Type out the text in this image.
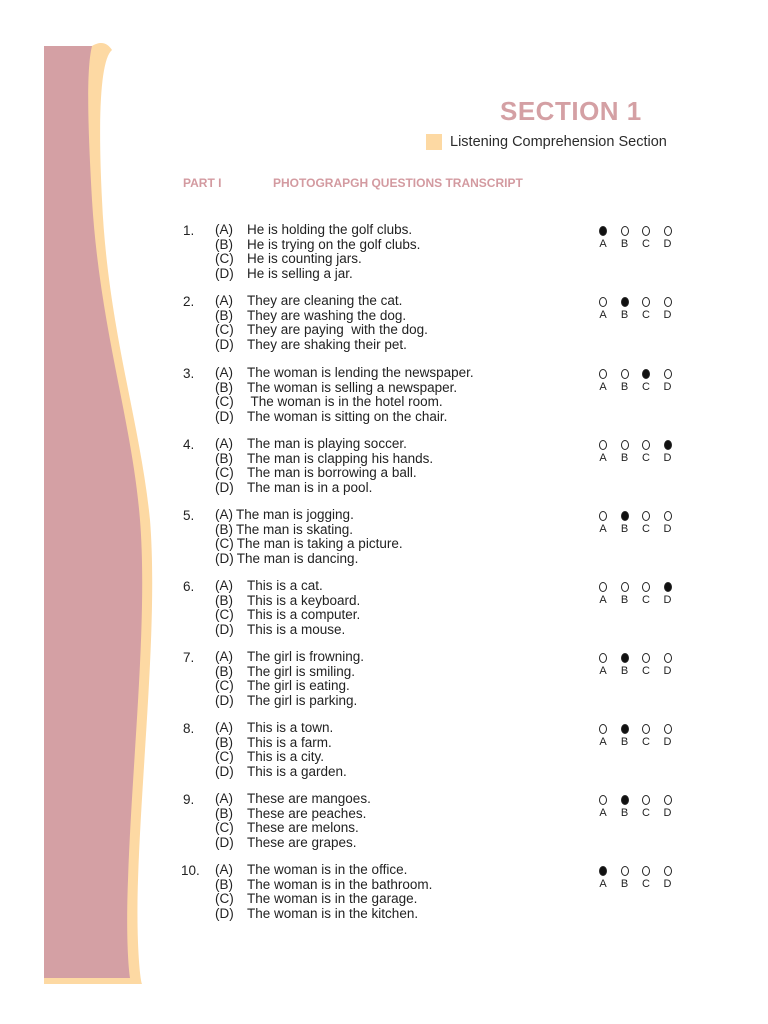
SECTION 1
Listening Comprehension Section
PART I	PHOTOGRAPGH QUESTIONS TRANSCRIPT
1. (A) He is holding the golf clubs.
(B) He is trying on the golf clubs.
(C) He is counting jars.
(D) He is selling a jar.
A	B	C D
2. (A) They are cleaning the cat.
(B) They are washing the dog.
(C) They are paying  with the dog.
(D) They are shaking their pet.
A	B	C D
3. (A) The woman is lending the newspaper.
(B) The woman is selling a newspaper.
(C) The woman is in the hotel room.
(D) The woman is sitting on the chair.
A	B	C D
4. (A) The man is playing soccer.
(B) The man is clapping his hands.
(C) The man is borrowing a ball.
(D) The man is in a pool.
A	B	C D
5. (A) The man is jogging.
(B) The man is skating.
(C) The man is taking a picture.
(D) The man is dancing.
A	B	C D
6. (A) This is a cat.
(B) This is a keyboard.
(C) This is a computer.
(D) This is a mouse.
A	B	C D
7. (A) The girl is frowning.
(B) The girl is smiling.
(C) The girl is eating.
(D) The girl is parking.
A	B	C D
8. (A) This is a town.
(B) This is a farm.
(C) This is a city.
(D) This is a garden.
A	B	C D
9. (A) These are mangoes.
(B) These are peaches.
(C) These are melons.
(D) These are grapes.
A	B	C D
10. (A) The woman is in the office.
(B) The woman is in the bathroom.
(C) The woman is in the garage.
(D) The woman is in the kitchen.
A	B	C D
